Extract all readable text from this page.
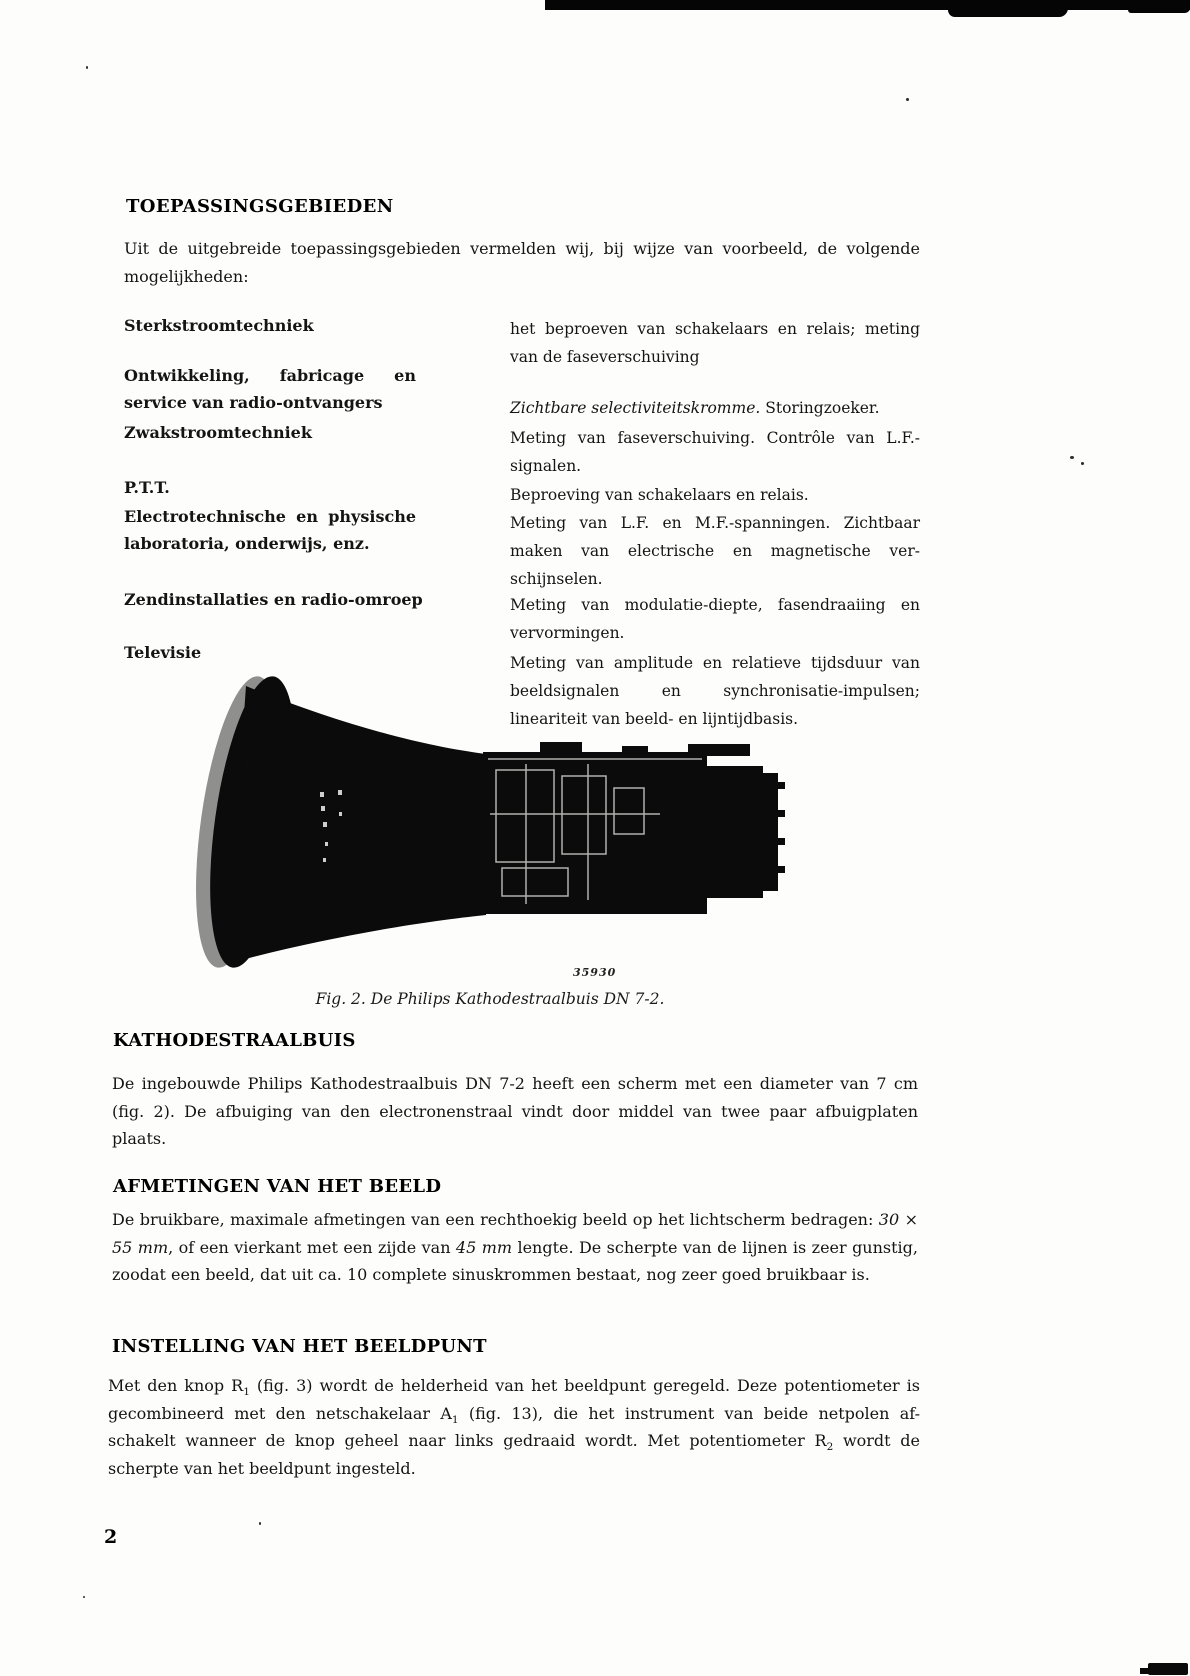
TOEPASSINGSGEBIEDEN

Uit de uitgebreide toepassingsgebieden vermelden wij, bij wijze van voorbeeld, de volgende mogelijkheden:

Sterkstroomtechniek

Ontwikkeling, fabricage en service van radio-ontvangers

Zwakstroomtechniek

P.T.T.

Electrotechnische en physische laboratoria, onderwijs, enz.

Zendinstallaties en radio-omroep

Televisie

het beproeven van schakelaars en relais; meting van de faseverschuiving

Zichtbare selectiviteitskromme. Storingzoeker.

Meting van faseverschuiving. Contrôle van L.F.-signalen.

Beproeving van schakelaars en relais.

Meting van L.F. en M.F.-spanningen. Zichtbaar maken van electrische en magnetische ver-schijnselen.

Meting van modulatie-diepte, fasendraaiing en vervormingen.

Meting van amplitude en relatieve tijdsduur van beeldsignalen en synchronisatie-impulsen; lineariteit van beeld- en lijntijdbasis.

35930
Fig. 2. De Philips Kathodestraalbuis DN 7-2.
KATHODESTRAALBUIS

De ingebouwde Philips Kathodestraalbuis DN 7-2 heeft een scherm met een diameter van 7 cm (fig. 2). De afbuiging van den electronenstraal vindt door middel van twee paar afbuigplaten plaats.

AFMETINGEN VAN HET BEELD

De bruikbare, maximale afmetingen van een rechthoekig beeld op het lichtscherm bedragen: 30 × 55 mm, of een vierkant met een zijde van 45 mm lengte. De scherpte van de lijnen is zeer gunstig, zoodat een beeld, dat uit ca. 10 complete sinuskrommen bestaat, nog zeer goed bruikbaar is.

INSTELLING VAN HET BEELDPUNT

Met den knop $R_1$ (fig. 3) wordt de helderheid van het beeldpunt geregeld. Deze potentiometer is gecombineerd met den netschakelaar $A_1$ (fig. 13), die het instrument van beide netpolen af-schakelt wanneer de knop geheel naar links gedraaid wordt. Met potentiometer $R_2$ wordt de scherpte van het beeldpunt ingesteld.

2
